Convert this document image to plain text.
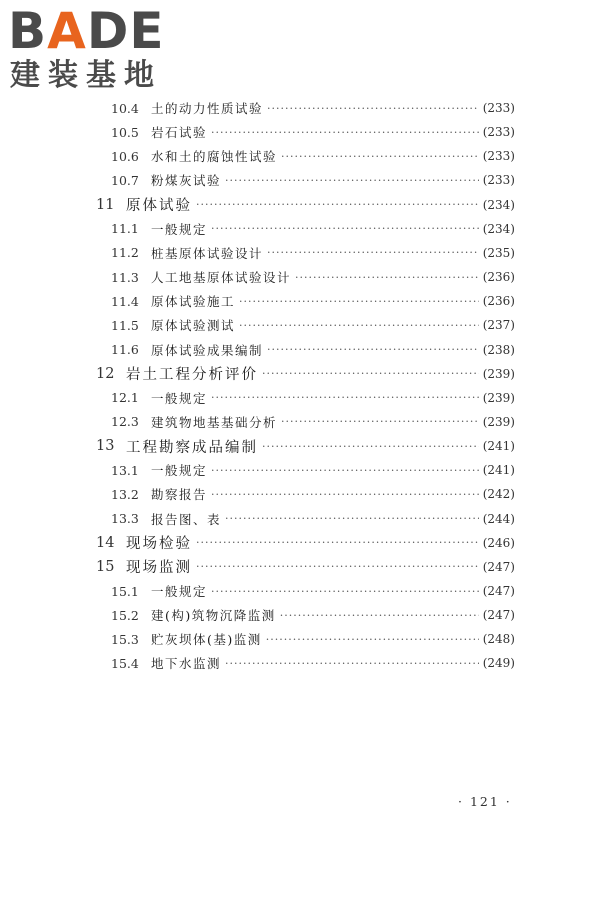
BADE
建装基地
10.4 土的动力性质试验 ·····	(233)
10.5 岩石试验 ·····	(233)
10.6 水和土的腐蚀性试验 ·····	(233)
10.7 粉煤灰试验 ·····	(233)
11 原体试验 ·····	(234)
11.1 一般规定 ·····	(234)
11.2 桩基原体试验设计 ·····	(235)
11.3 人工地基原体试验设计 ·····	(236)
11.4 原体试验施工 ·····	(236)
11.5 原体试验测试 ·····	(237)
11.6 原体试验成果编制 ·····	(238)
12 岩土工程分析评价 ·····	(239)
12.1 一般规定 ·····	(239)
12.3 建筑物地基基础分析 ·····	(239)
13 工程勘察成品编制 ·····	(241)
13.1 一般规定 ·····	(241)
13.2 勘察报告 ·····	(242)
13.3 报告图、表 ·····	(244)
14 现场检验 ·····	(246)
15 现场监测 ·····	(247)
15.1 一般规定 ·····	(247)
15.2 建(构)筑物沉降监测 ·····	(247)
15.3 贮灰坝体(基)监测 ·····	(248)
15.4 地下水监测 ·····	(249)
· 121 ·
